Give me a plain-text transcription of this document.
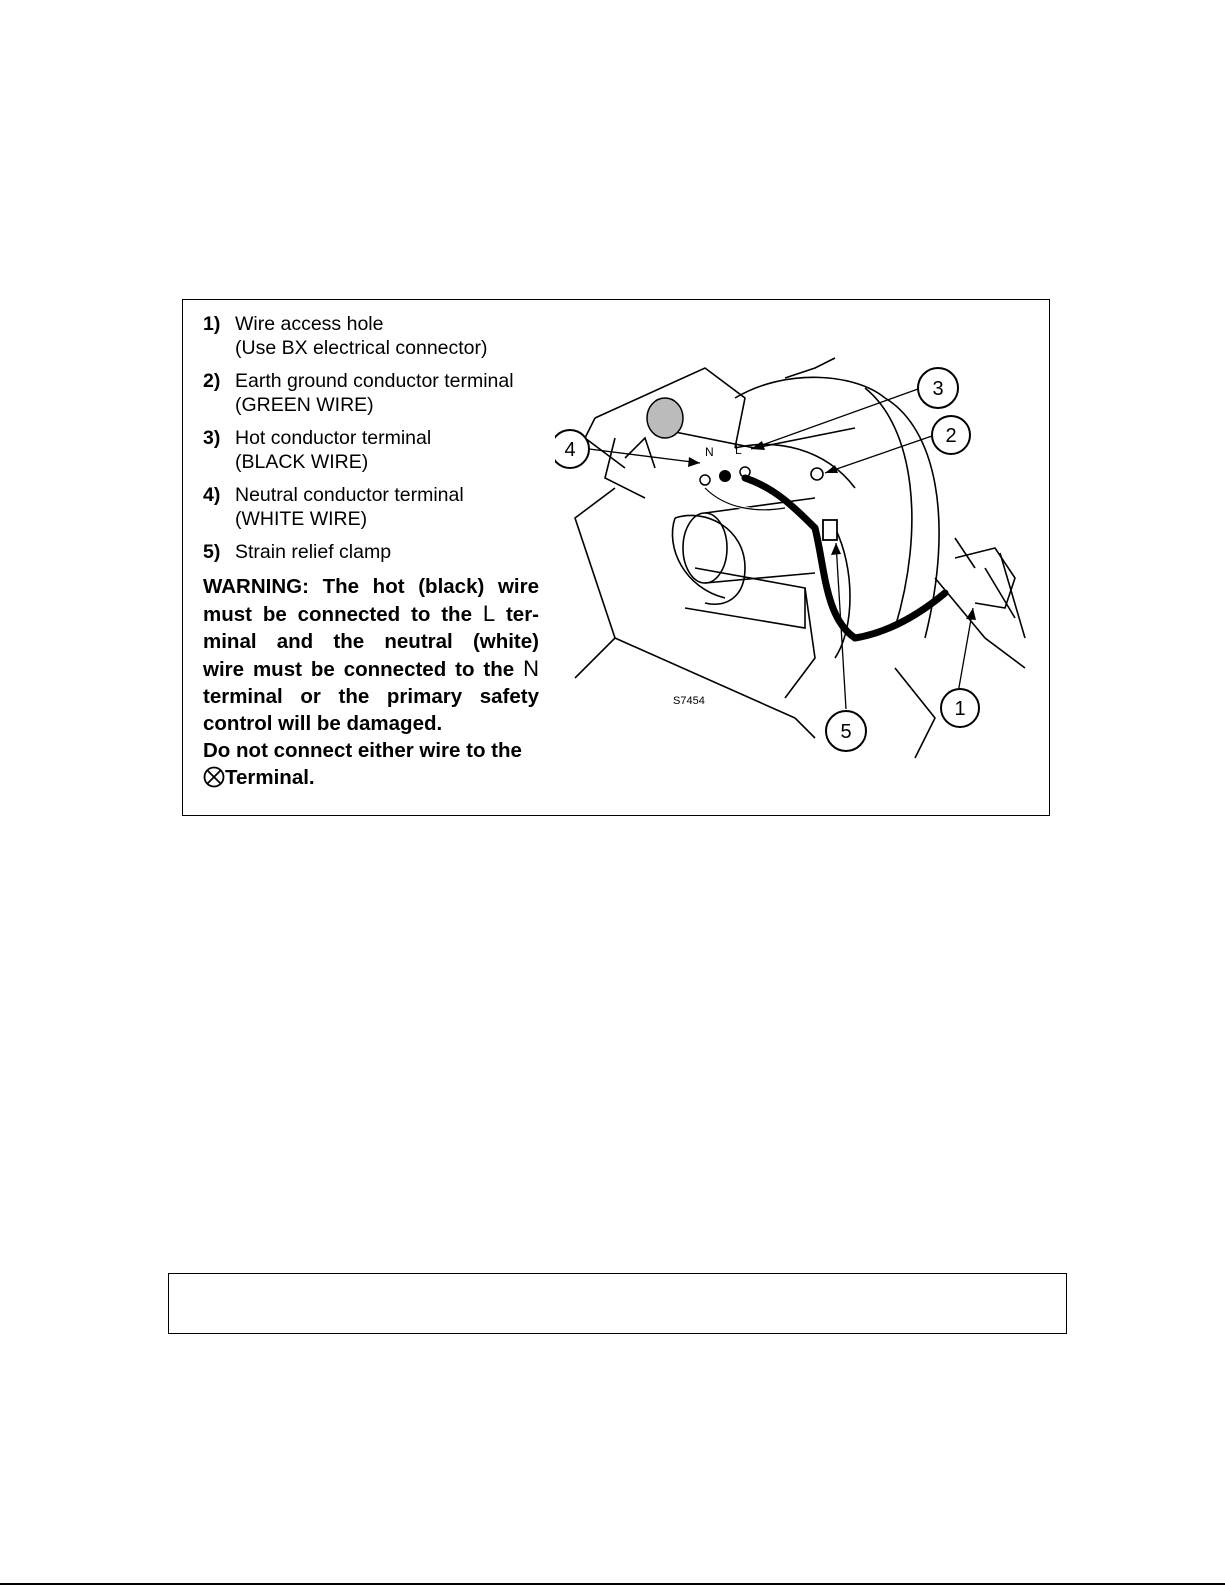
1) Wire access hole
(Use BX electrical connector)
2) Earth ground conductor terminal
(GREEN WIRE)
3) Hot conductor terminal
(BLACK WIRE)
4) Neutral conductor terminal
(WHITE WIRE)
5) Strain relief clamp
WARNING: The hot (black) wire
must be connected to the L ter-
minal and the neutral (white)
wire must be connected to the N
terminal or the primary safety
control will be damaged.
Do not connect either wire to the
Terminal.
N L
4
3
2
5
1
S7454
